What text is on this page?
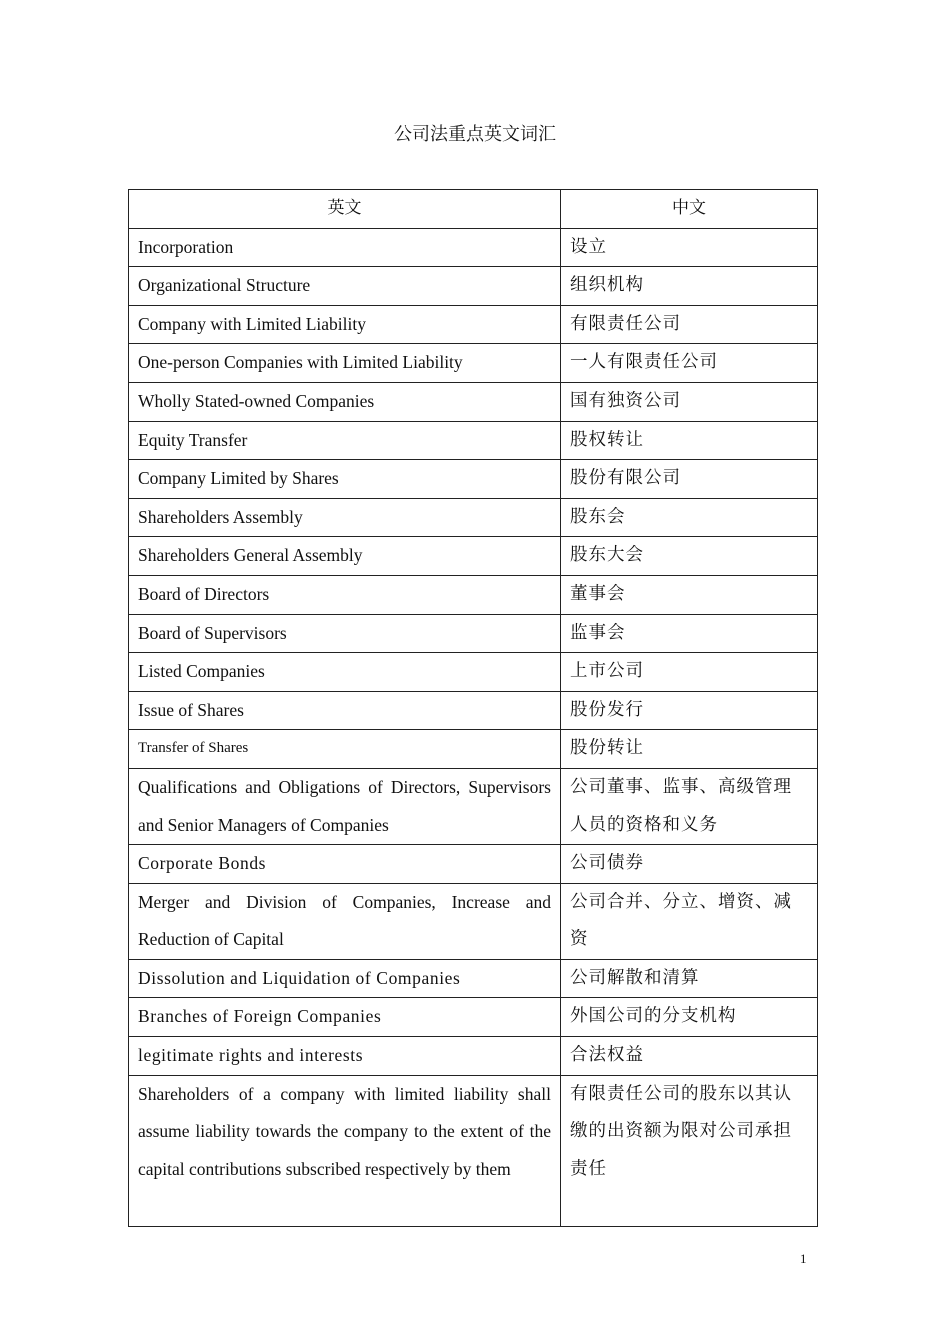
公司法重点英文词汇
英文	中文
Incorporation	设立
Organizational Structure	组织机构
Company with Limited Liability	有限责任公司
One-person Companies with Limited Liability	一人有限责任公司
Wholly Stated-owned Companies	国有独资公司
Equity Transfer	股权转让
Company Limited by Shares	股份有限公司
Shareholders Assembly	股东会
Shareholders General Assembly	股东大会
Board of Directors	董事会
Board of Supervisors	监事会
Listed Companies	上市公司
Issue of Shares	股份发行
Transfer of Shares	股份转让
Qualifications and Obligations of Directors, Supervisors and Senior Managers of Companies	公司董事、监事、高级管理人员的资格和义务
Corporate Bonds	公司债券
Merger and Division of Companies, Increase and Reduction of Capital	公司合并、分立、增资、减资
Dissolution and Liquidation of Companies	公司解散和清算
Branches of Foreign Companies	外国公司的分支机构
legitimate rights and interests	合法权益
Shareholders of a company with limited liability shall assume liability towards the company to the extent of the capital contributions subscribed respectively by them	有限责任公司的股东以其认缴的出资额为限对公司承担责任
1
